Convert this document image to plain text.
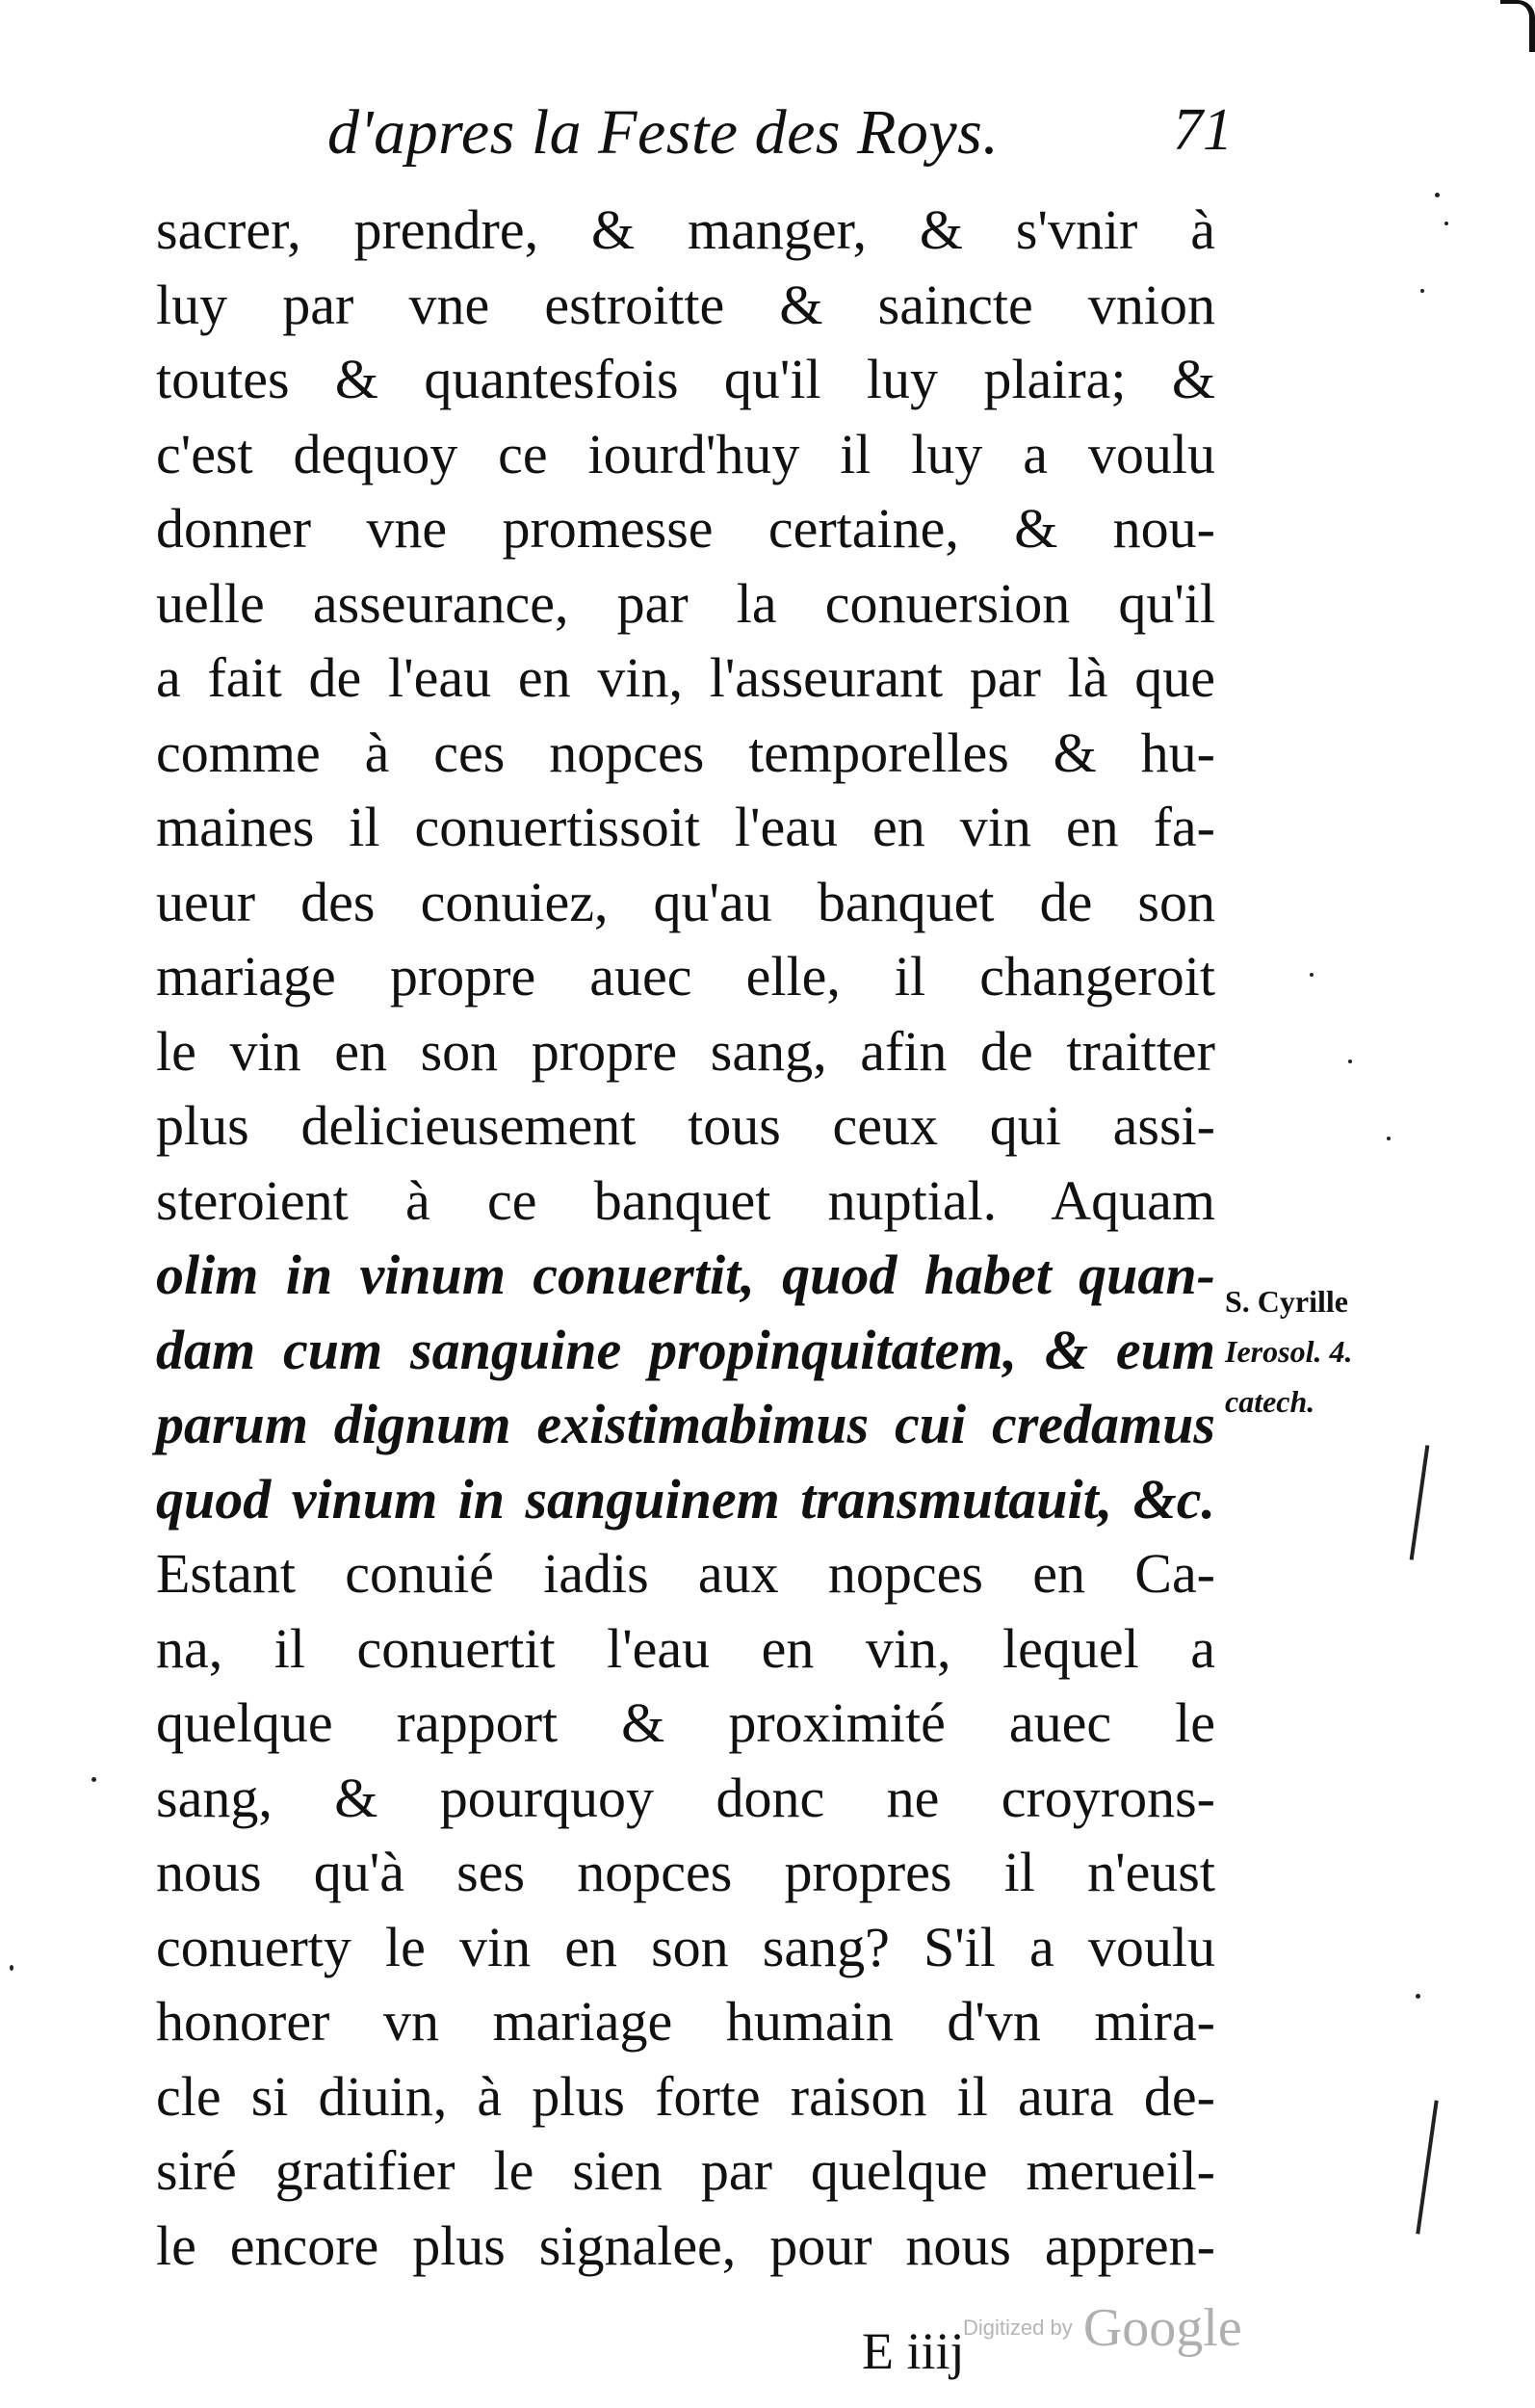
d'apres la Feste des Roys.	71
sacrer, prendre, & manger, & s'vnir à
luy par vne estroitte & saincte vnion
toutes & quantesfois qu'il luy plaira; &
c'est dequoy ce iourd'huy il luy a voulu
donner vne promesse certaine, & nou-
uelle asseurance, par la conuersion qu'il
a fait de l'eau en vin, l'asseurant par là que
comme à ces nopces temporelles & hu-
maines il conuertissoit l'eau en vin en fa-
ueur des conuiez, qu'au banquet de son
mariage propre auec elle, il changeroit
le vin en son propre sang, afin de traitter
plus delicieusement tous ceux qui assi-
steroient à ce banquet nuptial. Aquam
olim in vinum conuertit, quod habet quan-
dam cum sanguine propinquitatem, & eum
parum dignum existimabimus cui credamus
quod vinum in sanguinem transmutauit, &c.
Estant conuié iadis aux nopces en Ca-
na, il conuertit l'eau en vin, lequel a
quelque rapport & proximité auec le
sang, & pourquoy donc ne croyrons-
nous qu'à ses nopces propres il n'eust
conuerty le vin en son sang? S'il a voulu
honorer vn mariage humain d'vn mira-
cle si diuin, à plus forte raison il aura de-
siré gratifier le sien par quelque merueil-
le encore plus signalee, pour nous appren-
S. Cyrille
Ierosol. 4.
catech.
E iiij
Digitized by Google
